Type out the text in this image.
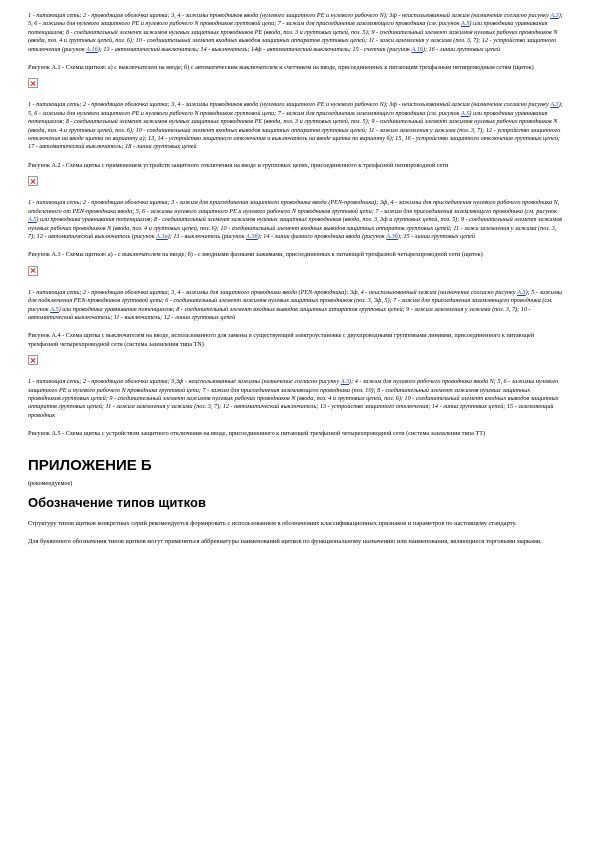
1 - питающая сеть; 2 - проводящая оболочка щитка; 3, 4 - зажимы проводников ввода (нулевого защитного PE и нулевого рабочего N); 3ф - неиспользованный зажим (назначение согласно рисунку А.3); 5, 6 - зажимы для нулевого защитного PE и нулевого рабочего N проводников групповой цепи; 7 - зажим для присоединения заземляющего проводника (см. рисунок А.5) или проводника уравнивания потенциалов; 8 - соединительный элемент зажимов нулевых защитных проводников PE (ввода, поз. 3 и групповых цепей, поз. 5); 9 - соединительный элемент зажимов нулевых рабочих проводников N (ввода, поз. 4 и групповых цепей, поз. 6); 10 - соединительный элемент входных выводов защитных аппаратов групповых цепей; 11 - зажи заземления у зажима (поз. 3, 7); 12 - устройство защитного отключения (рисунок А.1б); 13 - автоматический выключатель; 14 - выключатель; 14ф - автоматический выключатель; 15 - счетчик (рисунок А.1б); 16 - линии групповых цепей

Рисунок А.1 - Схемы щитков: а) с выключателем на вводе; б) с автоматическим выключателем и счетчиком на вводе, присоединенных к питающим трехфазным пятипроводным сетям (щиток)

1 - питающая сеть; 2 - проводящая оболочка щитка; 3, 4 - зажимы проводников ввода (нулевого защитного PE и нулевого рабочего N); 3ф - неиспользованный зажим (назначение согласно рисунку А.3); 5, 6 - зажимы для нулевого защитного PE и нулевого рабочего N проводников групповой цепи; 7 - зажим для присоединения заземляющего проводника (см. рисунок А.5) или проводника уравнивания потенциалов; 8 - соединительный элемент зажимов нулевых защитных проводников PE (ввода, поз. 3 и групповых цепей, поз. 5); 9 - соединительный элемент зажимов нулевых рабочих проводников N (ввода, поз. 4 и групповых цепей, поз. 6); 10 - соединительный элемент входных выводов защитных аппаратов групповых цепей; 11 - зажим заземления у зажима (поз. 3, 7); 12 - устройство защитного отключения на вводе щитка по варианту а); 13, 14 - устройство защитного отключения и выключатель на вводе щитка по варианту б); 15, 16 - устройство защитного отключения групповых цепей; 17 - автоматический выключатель; 18 - линии групповых цепей

Рисунок А.2 - Схема щитка с применением устройств защитного отключения на вводе и групповых цепях, присоединенного к трехфазной пятипроводной сети

1 - питающая сеть; 2 - проводящая оболочка щитка; 3 - зажим для присоединения защитного проводника ввода (PEN-проводника); 3ф, 4 - зажимы для присоединения нулевого рабочего проводника N, отделенного от PEN-проводника ввода; 5, 6 - зажимы нулевого защитного PE и нулевого рабочего N проводников групповой цепи; 7 - зажим для присоединения заземляющего проводника (см. рисунок А.5) или проводника уравнивания потенциалов; 8 - соединительный элемент зажимов нулевых защитных проводников (ввода, поз. 3, 3ф и групповых цепей, поз. 5); 9 - соединительный элемент зажимов нулевых рабочих проводников N (ввода, поз. 4 и групповых цепей, поз. 6); 10 - соединительный элемент входных выводов защитных аппаратов групповых цепей; 11 - зажи заземления у зажима (поз. 3, 7); 12 - автоматический выключатель (рисунок А.3а); 13 - выключатель (рисунок А.3б); 14 - линии фазного проводника ввода (рисунок А.3б); 15 - линии групповых цепей

Рисунок А.3 - Схемы щитков: а) - с выключателем на вводе; б) - с вводными фазными зажимами, присоединенных к питающей трехфазной четырехпроводной сети (щиток)

1 - питающая сеть; 2 - проводящая оболочка щитка; 3, 4 - зажимы для защитного проводника ввода (PEN-проводника); 3ф, 4 - неиспользованный зажим (назначение согласно рисунку А.3); 5 - зажимы для подключения PEN-проводников групповой цепи; 6 - соединительный элемент зажимов нулевых защитных проводников (поз. 3, 3ф, 5); 7 - зажим для присоединения заземляющего проводника (см. рисунок А.5) или проводника уравнивания потенциалов; 8 - соединительный элемент входных выводов защитных аппаратов групповых цепей; 9 - зажим заземления у зажима (поз. 3, 7); 10 - автоматический выключатель; 11 - выключатель; 12 - линии групповых цепей

Рисунок А.4 - Схема щитка с выключателем на вводе, использованного для замены в существующей электроустановке с двухпроводными групповыми линиями, присоединенного к питающей трехфазной четырехпроводной сети (система заземления типа TN)

1 - питающая сеть; 2 - проводящая оболочка щитка; 3,3ф - неиспользованные зажимы (назначение согласно рисунку А.3); 4 - зажим для нулевого рабочего проводника ввода N; 5, 6 - зажимы нулевого защитного PE и нулевого рабочего N проводника групповой цепи; 7 - зажим для присоединения заземляющего проводника (поз. 10); 8 - соединительный элемент зажимов нулевых защитных проводников групповых цепей; 9 - соединительный элемент зажимов нулевых рабочих проводников N (ввода, поз. 4 и групповых цепей, поз. 6); 10 - соединительный элемент входных выводов защитных аппаратов групповых цепей; 11 - зажим заземления у зажима (поз. 3, 7); 12 - автоматический выключатель; 13 - устройство защитного отключения; 14 - линии групповых цепей; 15 - заземляющий проводник

Рисунок А.5 - Схема щитка с устройством защитного отключения на вводе, присоединенного к питающей трехфазной четырехпроводной сети (система заземления типа TT)

ПРИЛОЖЕНИЕ Б

(рекомендуемое)

Обозначение типов щитков

Структуру типов щитков конкретных серий рекомендуется формировать с использованием в обозначениях классификационных признаков и параметров по настоящему стандарту.

Для буквенного обозначения типов щитков могут применяться аббревиатуры наименований щитков по функциональному назначению или наименования, являющиеся торговыми марками.
